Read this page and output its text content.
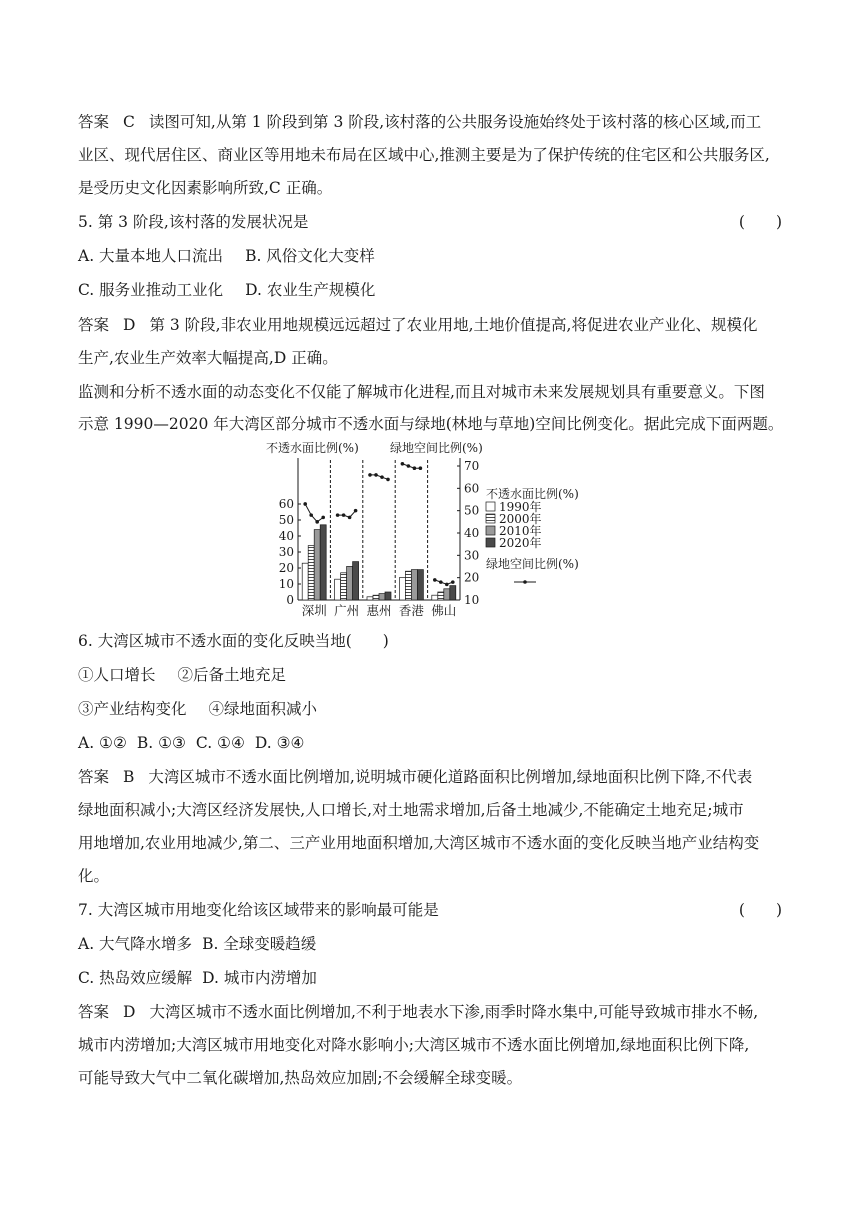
答案 C 读图可知,从第 1 阶段到第 3 阶段,该村落的公共服务设施始终处于该村落的核心区域,而工
业区、现代居住区、商业区等用地未布局在区域中心,推测主要是为了保护传统的住宅区和公共服务区,
是受历史文化因素影响所致,C 正确。
5. 第 3 阶段,该村落的发展状况是	(　　)
A. 大量本地人口流出 B. 风俗文化大变样
C. 服务业推动工业化 D. 农业生产规模化
答案 D 第 3 阶段,非农业用地规模远远超过了农业用地,土地价值提高,将促进农业产业化、规模化
生产,农业生产效率大幅提高,D 正确。
监测和分析不透水面的动态变化不仅能了解城市化进程,而且对城市未来发展规划具有重要意义。下图
示意 1990—2020 年大湾区部分城市不透水面与绿地(林地与草地)空间比例变化。据此完成下面两题。
0
10
20
30
40
50
60
10
20
30
40
50
60
70
不透水面比例(%)	绿地空间比例(%)
深圳 广州 惠州 香港 佛山
不透水面比例(%)
1990年
2000年
2010年
2020年
绿地空间比例(%)
6. 大湾区城市不透水面的变化反映当地(　　)
①人口增长 ②后备土地充足
③产业结构变化 ④绿地面积减小
A. ①② B. ①③ C. ①④ D. ③④
答案 B 大湾区城市不透水面比例增加,说明城市硬化道路面积比例增加,绿地面积比例下降,不代表
绿地面积减小;大湾区经济发展快,人口增长,对土地需求增加,后备土地减少,不能确定土地充足;城市
用地增加,农业用地减少,第二、三产业用地面积增加,大湾区城市不透水面的变化反映当地产业结构变
化。
7. 大湾区城市用地变化给该区域带来的影响最可能是	(　　)
A. 大气降水增多 B. 全球变暖趋缓
C. 热岛效应缓解 D. 城市内涝增加
答案 D 大湾区城市不透水面比例增加,不利于地表水下渗,雨季时降水集中,可能导致城市排水不畅,
城市内涝增加;大湾区城市用地变化对降水影响小;大湾区城市不透水面比例增加,绿地面积比例下降,
可能导致大气中二氧化碳增加,热岛效应加剧;不会缓解全球变暖。
